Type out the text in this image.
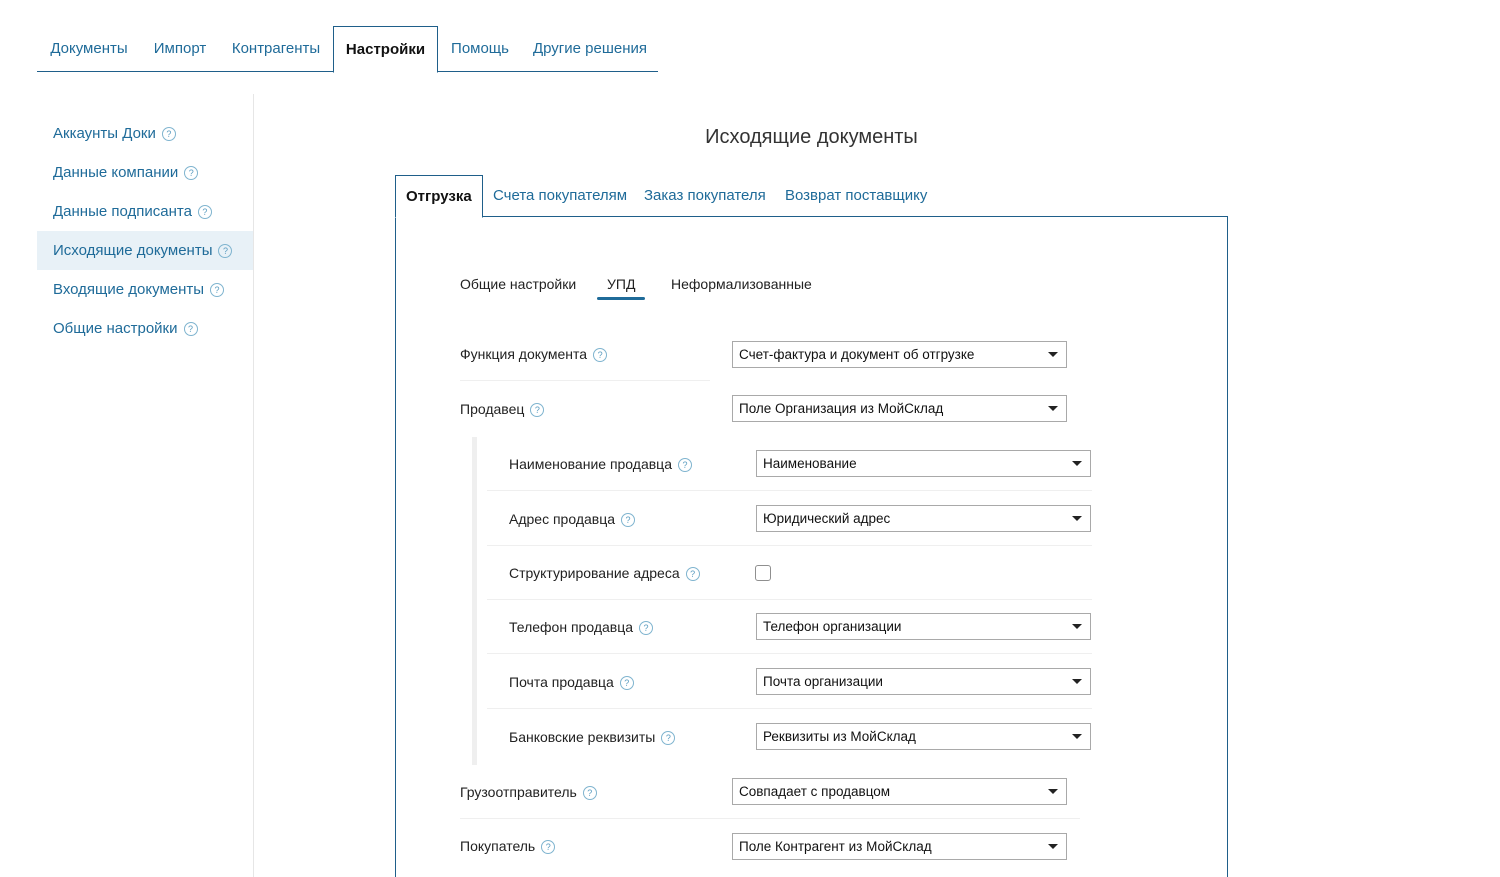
Документы	Импорт	Контрагенты	Настройки	Помощь	Другие решения
Аккаунты Доки ?
Данные компании ?
Данные подписанта ?
Исходящие документы ?
Входящие документы ?
Общие настройки ?
Исходящие документы
Отгрузка	Счета покупателям Заказ покупателя Возврат поставщику
Общие настройки УПД	Неформализованные
Функция документа ?	Счет-фактура и документ об отгрузке
Продавец ?	Поле Организация из МойСклад
Наименование продавца ?	Наименование
Адрес продавца ?	Юридический адрес
Структурирование адреса ?
Телефон продавца ?	Телефон организации
Почта продавца ?	Почта организации
Банковские реквизиты ?	Реквизиты из МойСклад
Грузоотправитель ?	Совпадает с продавцом
Покупатель ?	Поле Контрагент из МойСклад
